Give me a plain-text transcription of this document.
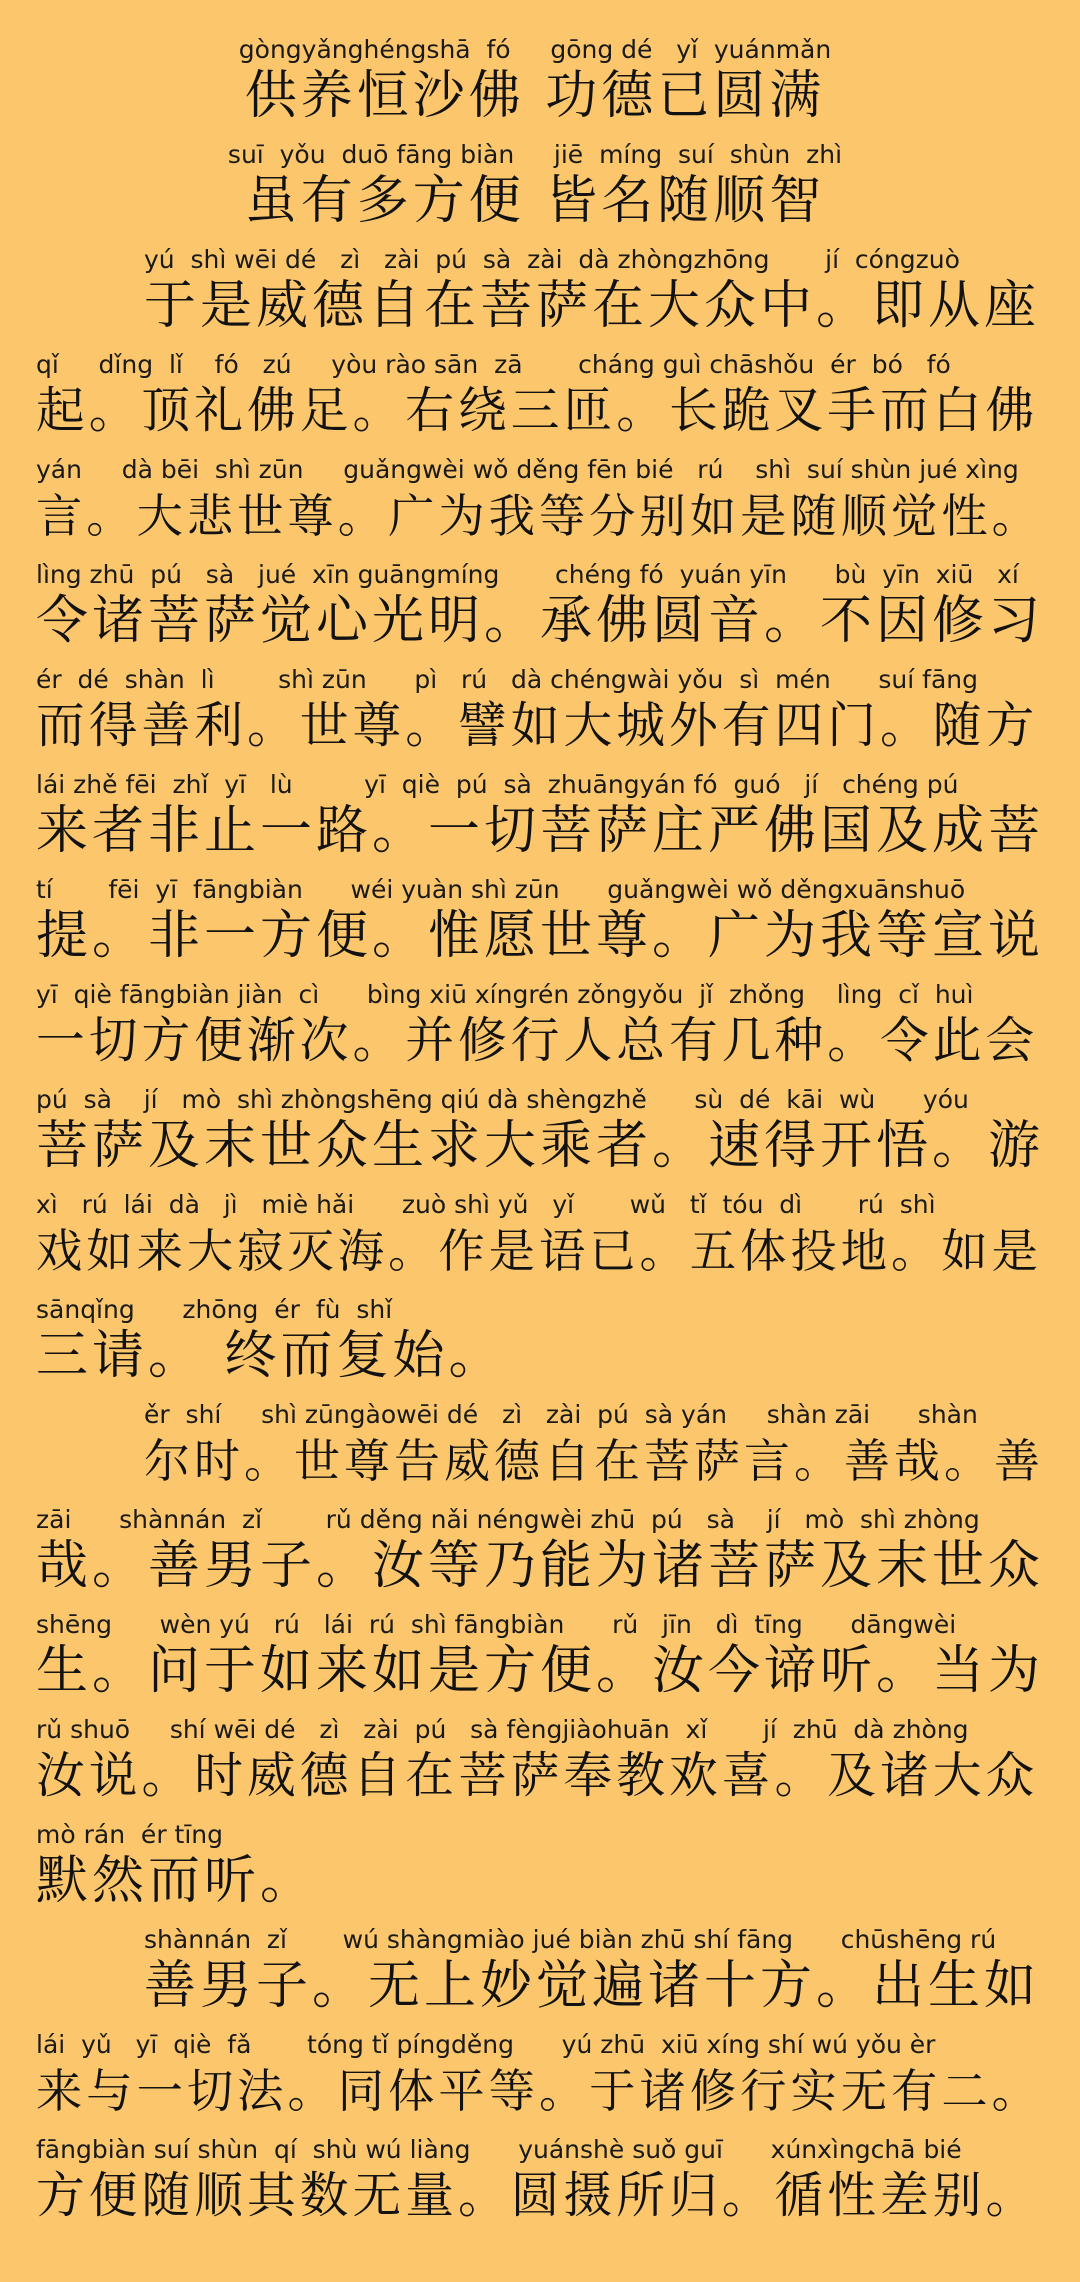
gòngyǎnghéngshā  fó     gōng dé   yǐ  yuánmǎn
供养恒沙佛 功德已圆满
suī  yǒu  duō fāng biàn     jiē  míng  suí  shùn  zhì
虽有多方便 皆名随顺智
yú  shì wēi dé   zì   zài  pú  sà  zài  dà zhòngzhōng       jí  cóngzuò
于是威德自在菩萨在大众中。即从座
qǐ     dǐng  lǐ    fó   zú     yòu rào sān  zā       cháng guì chāshǒu  ér  bó   fó
起。顶礼佛足。右绕三匝。长跪叉手而白佛
yán     dà bēi  shì zūn     guǎngwèi wǒ děng fēn bié   rú    shì  suí shùn jué xìng
言。大悲世尊。广为我等分别如是随顺觉性。
lìng zhū  pú   sà   jué  xīn guāngmíng       chéng fó  yuán yīn      bù  yīn  xiū   xí
令诸菩萨觉心光明。承佛圆音。不因修习
ér  dé  shàn  lì        shì zūn      pì   rú   dà chéngwài yǒu  sì  mén      suí fāng
而得善利。世尊。譬如大城外有四门。随方
lái zhě fēi  zhǐ  yī   lù         yī  qiè  pú  sà  zhuāngyán fó  guó   jí   chéng pú
来者非止一路。一切菩萨庄严佛国及成菩
tí       fēi  yī  fāngbiàn      wéi yuàn shì zūn      guǎngwèi wǒ děngxuānshuō
提。非一方便。惟愿世尊。广为我等宣说
yī  qiè fāngbiàn jiàn  cì      bìng xiū xíngrén zǒngyǒu  jǐ  zhǒng    lìng  cǐ  huì
一切方便渐次。并修行人总有几种。令此会
pú  sà    jí   mò  shì zhòngshēng qiú dà shèngzhě      sù  dé  kāi  wù      yóu
菩萨及末世众生求大乘者。速得开悟。游
xì   rú  lái  dà   jì   miè hǎi      zuò shì yǔ   yǐ       wǔ   tǐ  tóu  dì       rú  shì
戏如来大寂灭海。作是语已。五体投地。如是
sānqǐng      zhōng  ér  fù  shǐ
三请。 终而复始。
ěr  shí     shì zūngàowēi dé   zì   zài  pú  sà yán     shàn zāi      shàn
尔时。世尊告威德自在菩萨言。善哉。善
zāi      shànnán  zǐ        rǔ děng nǎi néngwèi zhū  pú   sà    jí   mò  shì zhòng
哉。善男子。汝等乃能为诸菩萨及末世众
shēng      wèn yú   rú   lái  rú  shì fāngbiàn      rǔ   jīn   dì  tīng      dāngwèi
生。问于如来如是方便。汝今谛听。当为
rǔ shuō     shí wēi dé   zì   zài  pú   sà fèngjiàohuān  xǐ       jí  zhū  dà zhòng
汝说。时威德自在菩萨奉教欢喜。及诸大众
mò rán  ér tīng
默然而听。
shànnán  zǐ       wú shàngmiào jué biàn zhū shí fāng      chūshēng rú
善男子。无上妙觉遍诸十方。出生如
lái  yǔ   yī  qiè  fǎ       tóng tǐ píngděng      yú zhū  xiū xíng shí wú yǒu èr
来与一切法。同体平等。于诸修行实无有二。
fāngbiàn suí shùn  qí  shù wú liàng      yuánshè suǒ guī      xúnxìngchā bié
方便随顺其数无量。圆摄所归。循性差别。
